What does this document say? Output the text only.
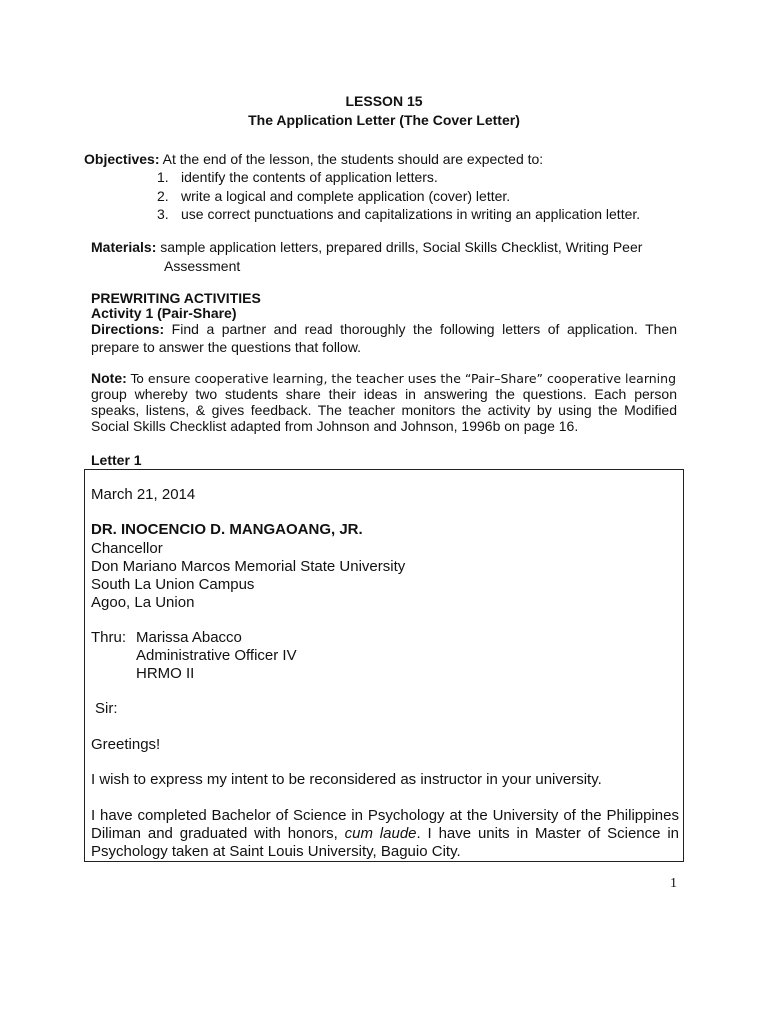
LESSON 15
The Application Letter (The Cover Letter)
Objectives: At the end of the lesson, the students should are expected to:
1. identify the contents of application letters.
2. write a logical and complete application (cover) letter.
3. use correct punctuations and capitalizations in writing an application letter.
Materials: sample application letters, prepared drills, Social Skills Checklist, Writing Peer
Assessment
PREWRITING ACTIVITIES
Activity 1 (Pair-Share)
Directions: Find a partner and read thoroughly the following letters of application. Then prepare to answer the questions that follow.
Note: To ensure cooperative learning, the teacher uses the “Pair–Share” cooperative learning
group whereby two students share their ideas in answering the questions. Each person speaks, listens, & gives feedback. The teacher monitors the activity by using the Modified Social Skills Checklist adapted from Johnson and Johnson, 1996b on page 16.
Letter 1
March 21, 2014
DR. INOCENCIO D. MANGAOANG, JR.
Chancellor
Don Mariano Marcos Memorial State University
South La Union Campus
Agoo, La Union
Thru: Marissa Abacco
Administrative Officer IV
HRMO II
Sir:
Greetings!
I wish to express my intent to be reconsidered as instructor in your university.
I have completed Bachelor of Science in Psychology at the University of the Philippines Diliman and graduated with honors, cum laude. I have units in Master of Science in Psychology taken at Saint Louis University, Baguio City.
1
